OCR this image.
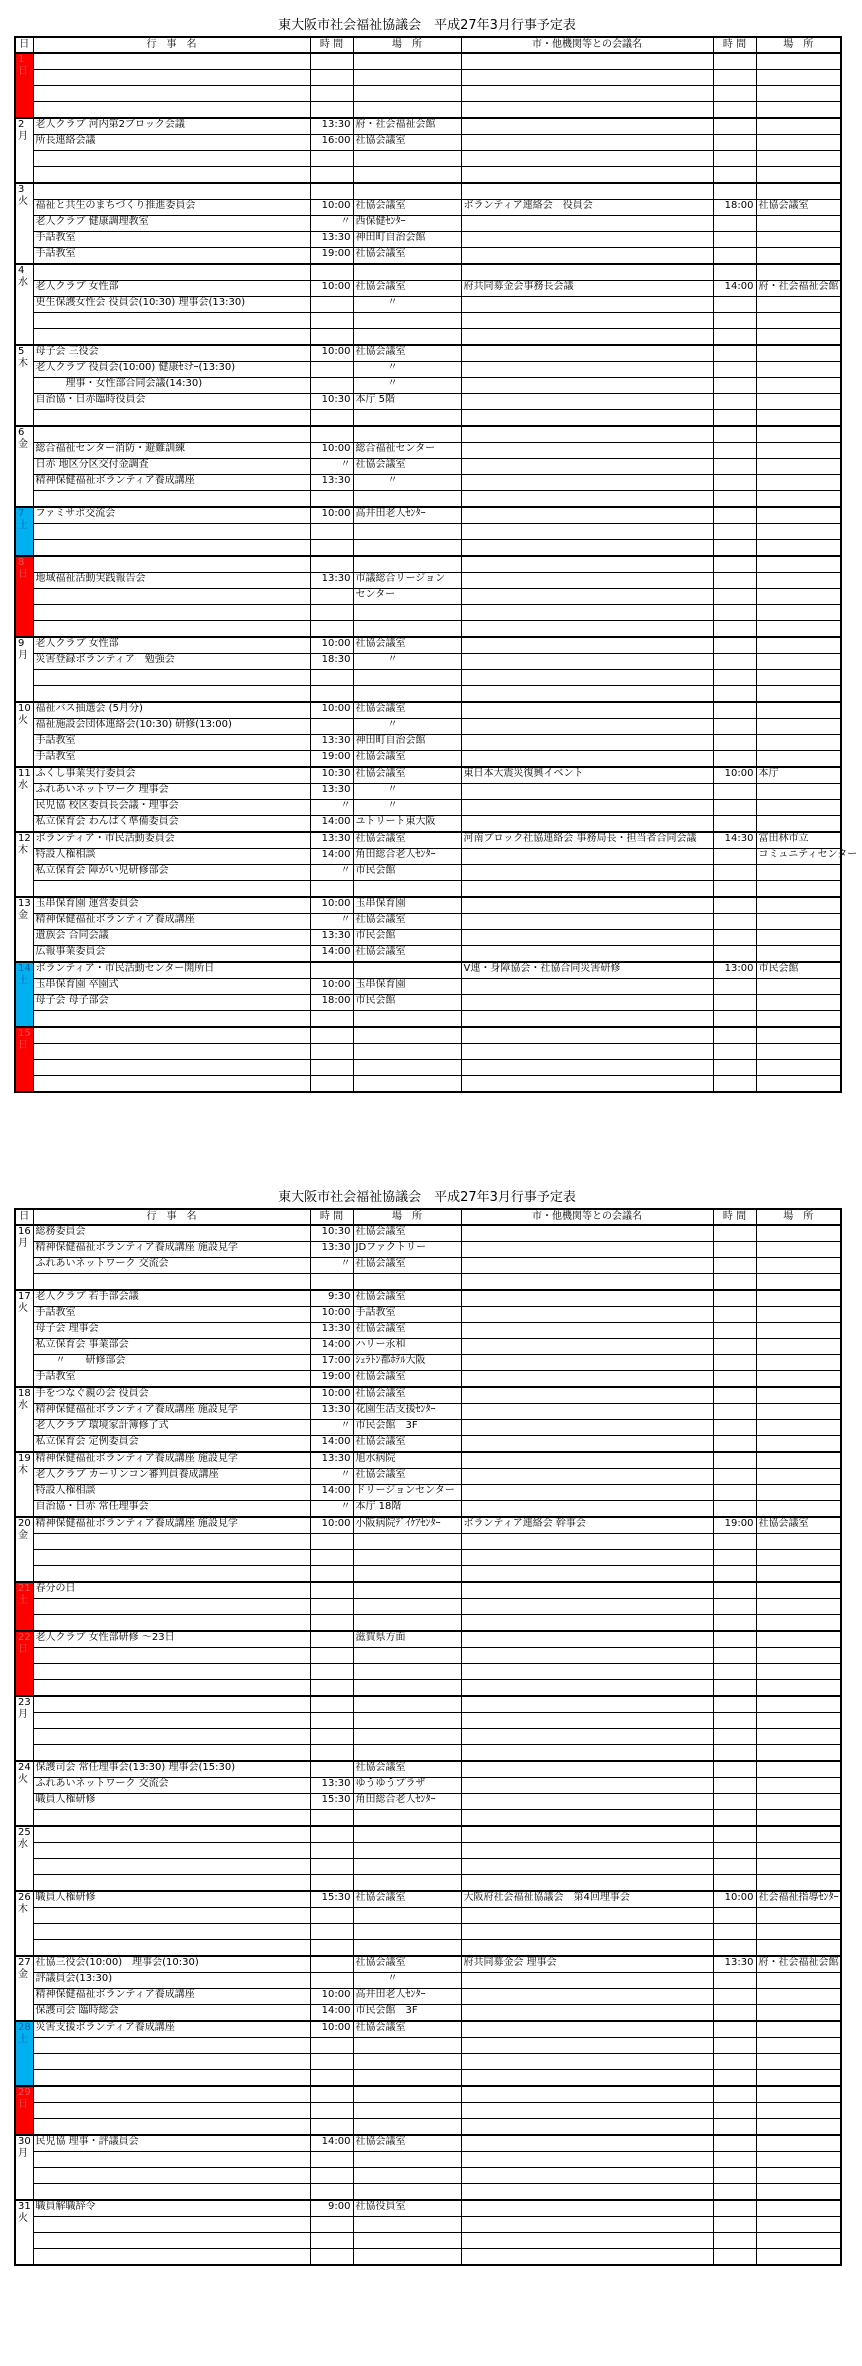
東大阪市社会福祉協議会　平成27年3月行事予定表
日	行　事　名	時 間	場　所	市・他機関等との会議名	時 間	場　所
1
日						

2
月	老人クラブ 河内第2ブロック会議	13:30	府・社会福祉会館			
	所長連絡会議	16:00	社協会議室			

3
火						
	福祉と共生のまちづくり推進委員会	10:00	社協会議室	ボランティア連絡会　役員会	18:00	社協会議室
	老人クラブ 健康調理教室	〃	西保健ｾﾝﾀｰ			
	手話教室	13:30	神田町自治会館			
	手話教室	19:00	社協会議室			
4
水						
	老人クラブ 女性部	10:00	社協会議室	府共同募金会事務長会議	14:00	府・社会福祉会館
	更生保護女性会 役員会(10:30) 理事会(13:30)		〃			

5
木	母子会 三役会	10:00	社協会議室			
	老人クラブ 役員会(10:00) 健康ｾﾐﾅｰ(13:30)		〃			
	　　　理事・女性部合同会議(14:30)		〃			
	自治協・日赤臨時役員会	10:30	本庁 5階			

6
金						
	総合福祉センター消防・避難訓練	10:00	総合福祉センター			
	日赤 地区分区交付金調査	〃	社協会議室			
	精神保健福祉ボランティア養成講座	13:30	〃			

7
土	ファミサポ交流会	10:00	高井田老人ｾﾝﾀｰ			

8
日						
	地域福祉活動実践報告会	13:30	市議総合リージョン			
			センター			

9
月	老人クラブ 女性部	10:00	社協会議室			
	災害登録ボランティア　勉強会	18:30	〃			

10
火	福祉バス抽選会 (5月分)	10:00	社協会議室			
	福祉施設会団体連絡会(10:30) 研修(13:00)		〃			
	手話教室	13:30	神田町自治会館			
	手話教室	19:00	社協会議室			
11
水	ふくし事業実行委員会	10:30	社協会議室	東日本大震災復興イベント	10:00	本庁
	ふれあいネットワーク 理事会	13:30	〃			
	民児協 校区委員長会議・理事会	〃	〃			
	私立保育会 わんぱく準備委員会	14:00	ユトリート東大阪			
12
木	ボランティア・市民活動委員会	13:30	社協会議室	河南ブロック社協連絡会 事務局長・担当者合同会議	14:30	富田林市立
	特設人権相談	14:00	角田総合老人ｾﾝﾀｰ			コミュニティセンター
	私立保育会 障がい児研修部会	〃	市民会館			

13
金	玉串保育園 運営委員会	10:00	玉串保育園			
	精神保健福祉ボランティア養成講座	〃	社協会議室			
	遺族会 合同会議	13:30	市民会館			
	広報事業委員会	14:00	社協会議室			
14
土	ボランティア・市民活動センター開所日			V連・身障協会・社協合同災害研修	13:00	市民会館
	玉串保育園 卒園式	10:00	玉串保育園			
	母子会 母子部会	18:00	市民会館			

15
日						

東大阪市社会福祉協議会　平成27年3月行事予定表
日	行　事　名	時 間	場　所	市・他機関等との会議名	時 間	場　所
16
月	総務委員会	10:30	社協会議室			
	精神保健福祉ボランティア養成講座 施設見学	13:30	JDファクトリー			
	ふれあいネットワーク 交流会	〃	社協会議室			

17
火	老人クラブ 若手部会議	9:30	社協会議室			
	手話教室	10:00	手話教室			
	母子会 理事会	13:30	社協会議室			
	私立保育会 事業部会	14:00	ハリー永和			
	　　〃　　研修部会	17:00	ｼｪﾗﾄﾝ都ﾎﾃﾙ大阪			
	手話教室	19:00	社協会議室			
18
水	手をつなぐ親の会 役員会	10:00	社協会議室			
	精神保健福祉ボランティア養成講座 施設見学	13:30	花園生活支援ｾﾝﾀｰ			
	老人クラブ 環境家計簿修了式	〃	市民会館　3F			
	私立保育会 定例委員会	14:00	社協会議室			
19
木	精神保健福祉ボランティア養成講座 施設見学	13:30	旭水病院			
	老人クラブ カーリンコン審判員養成講座	〃	社協会議室			
	特設人権相談	14:00	ドリージョンセンター			
	自治協・日赤 常任理事会	〃	本庁 18階			
20
金	精神保健福祉ボランティア養成講座 施設見学	10:00	小阪病院ﾃﾞｲｹｱｾﾝﾀｰ	ボランティア連絡会 幹事会	19:00	社協会議室

21
土	春分の日					

22
日	老人クラブ 女性部研修 ～23日		滋賀県方面			

23
月						

24
火	保護司会 常任理事会(13:30) 理事会(15:30)		社協会議室			
	ふれあいネットワーク 交流会	13:30	ゆうゆうプラザ			
	職員人権研修	15:30	角田総合老人ｾﾝﾀｰ			

25
水						

26
木	職員人権研修	15:30	社協会議室	大阪府社会福祉協議会　第4回理事会	10:00	社会福祉指導ｾﾝﾀｰ

27
金	社協三役会(10:00)　理事会(10:30)		社協会議室	府共同募金会 理事会	13:30	府・社会福祉会館
	評議員会(13:30)		〃			
	精神保健福祉ボランティア養成講座	10:00	高井田老人ｾﾝﾀｰ			
	保護司会 臨時総会	14:00	市民会館　3F			
28
土	災害支援ボランティア養成講座	10:00	社協会議室			

29
日						

30
月	民児協 理事・評議員会	14:00	社協会議室			

31
火	職員解職辞令	9:00	社協役員室			
